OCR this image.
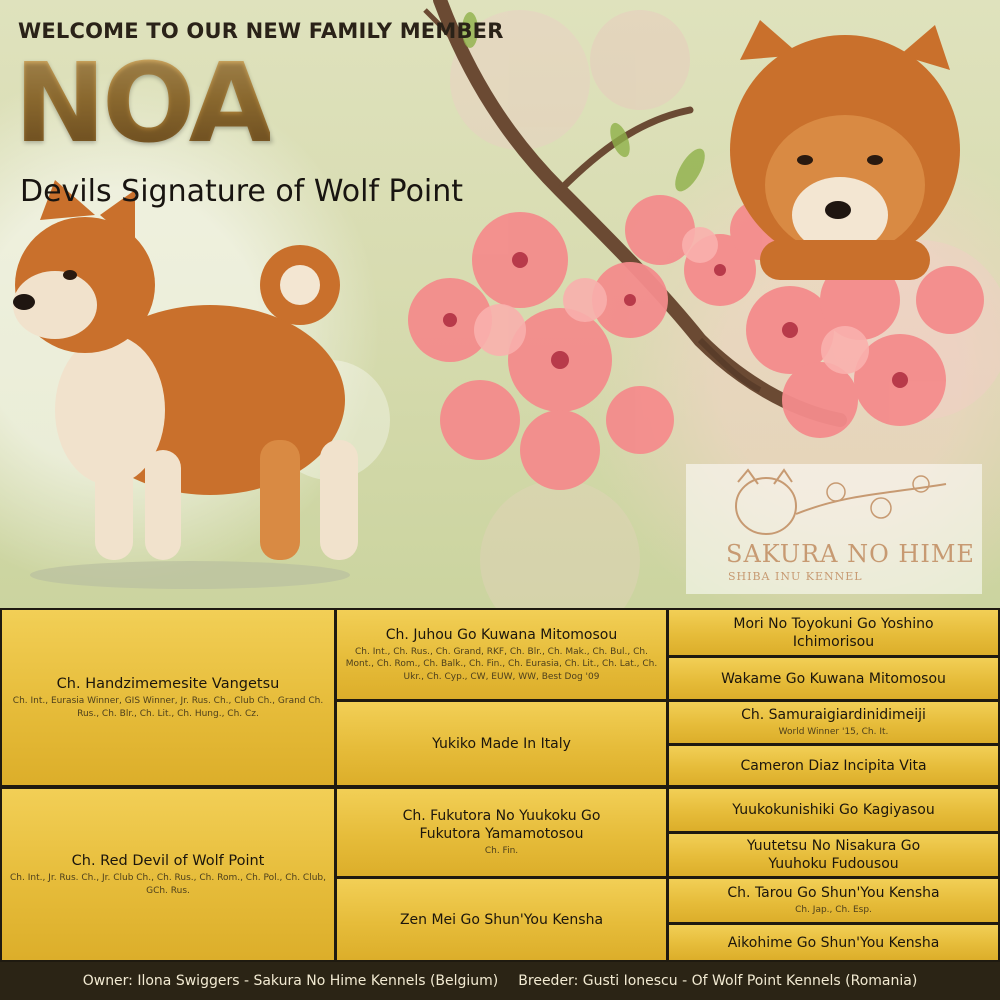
WELCOME TO OUR NEW FAMILY MEMBER
NOA
Devils Signature of Wolf Point
SAKURA NO HIME
SHIBA INU KENNEL
Ch. Handzimemesite Vangetsu
Ch. Int., Eurasia Winner, GIS Winner, Jr. Rus. Ch., Club Ch., Grand Ch. Rus., Ch. Blr., Ch. Lit., Ch. Hung., Ch. Cz.
Ch. Red Devil of Wolf Point
Ch. Int., Jr. Rus. Ch., Jr. Club Ch., Ch. Rus., Ch. Rom., Ch. Pol., Ch. Club, GCh. Rus.
Ch. Juhou Go Kuwana Mitomosou
Ch. Int., Ch. Rus., Ch. Grand, RKF, Ch. Blr., Ch. Mak., Ch. Bul., Ch. Mont., Ch. Rom., Ch. Balk., Ch. Fin., Ch. Eurasia, Ch. Lit., Ch. Lat., Ch. Ukr., Ch. Cyp., CW, EUW, WW, Best Dog '09
Yukiko Made In Italy
Ch. Fukutora No Yuukoku Go Fukutora Yamamotosou
Ch. Fin.
Zen Mei Go Shun'You Kensha
Mori No Toyokuni Go Yoshino Ichimorisou
Wakame Go Kuwana Mitomosou
Ch. Samuraigiardinidimeiji
World Winner '15, Ch. It.
Cameron Diaz Incipita Vita
Yuukokunishiki Go Kagiyasou
Yuutetsu No Nisakura Go Yuuhoku Fudousou
Ch. Tarou Go Shun'You Kensha
Ch. Jap., Ch. Esp.
Aikohime Go Shun'You Kensha
Owner: Ilona Swiggers - Sakura No Hime Kennels (Belgium) Breeder: Gusti Ionescu - Of Wolf Point Kennels (Romania)
